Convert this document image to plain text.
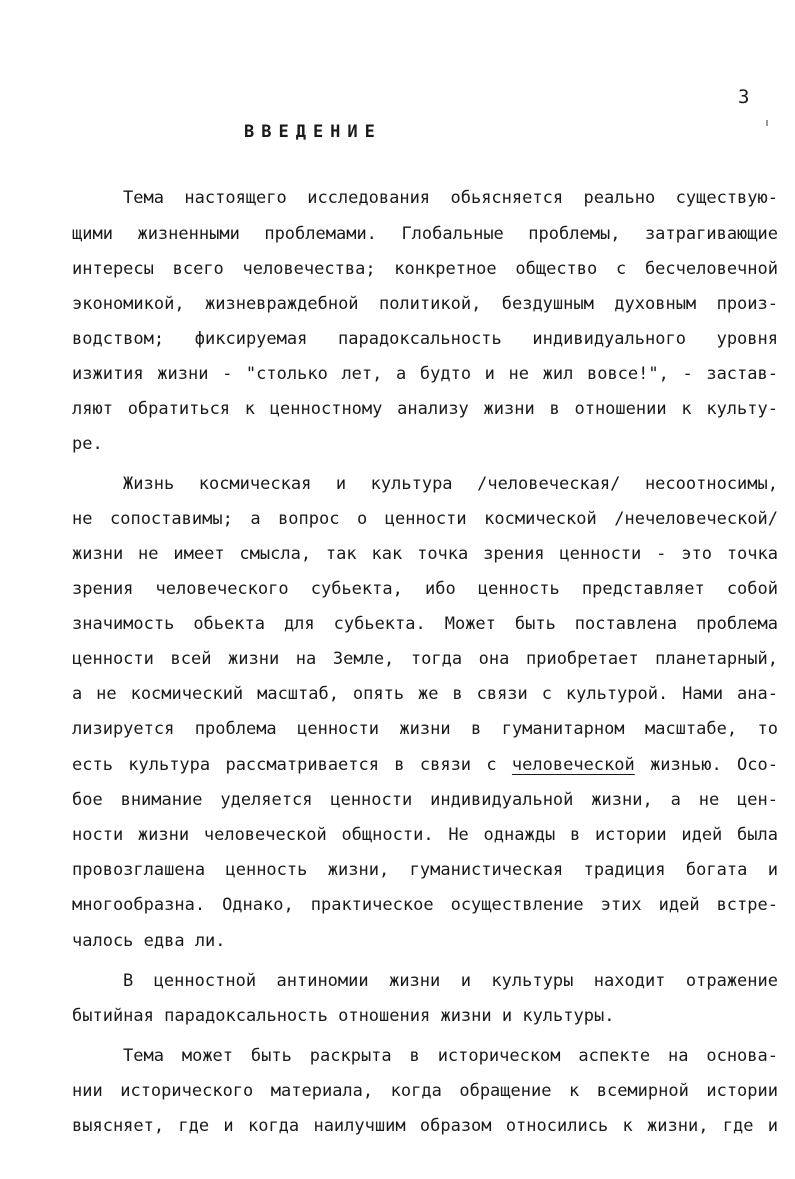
3
ВВЕДЕНИЕ
Тема настоящего исследования обьясняется реально существую-
щими жизненными проблемами. Глобальные проблемы, затрагивающие
интересы всего человечества; конкретное общество с бесчеловечной
экономикой, жизневраждебной политикой, бездушным духовным произ-
водством; фиксируемая парадоксальность индивидуального уровня
изжития жизни - "столько лет, а будто и не жил вовсе!", - застав-
ляют обратиться к ценностному анализу жизни в отношении к культу-
ре.
Жизнь космическая и культура /человеческая/ несоотносимы,
не сопоставимы; а вопрос о ценности космической /нечеловеческой/
жизни не имеет смысла, так как точка зрения ценности - это точка
зрения человеческого субьекта, ибо ценность представляет собой
значимость обьекта для субьекта. Может быть поставлена проблема
ценности всей жизни на Земле, тогда она приобретает планетарный,
а не космический масштаб, опять же в связи с культурой. Нами ана-
лизируется проблема ценности жизни в гуманитарном масштабе, то
есть культура рассматривается в связи с человеческой жизнью. Осо-
бое внимание уделяется ценности индивидуальной жизни, а не цен-
ности жизни человеческой общности. Не однажды в истории идей была
провозглашена ценность жизни, гуманистическая традиция богата и
многообразна. Однако, практическое осуществление этих идей встре-
чалось едва ли.
В ценностной антиномии жизни и культуры находит отражение
бытийная парадоксальность отношения жизни и культуры.
Тема может быть раскрыта в историческом аспекте на основа-
нии исторического материала, когда обращение к всемирной истории
выясняет, где и когда наилучшим образом относились к жизни, где и
